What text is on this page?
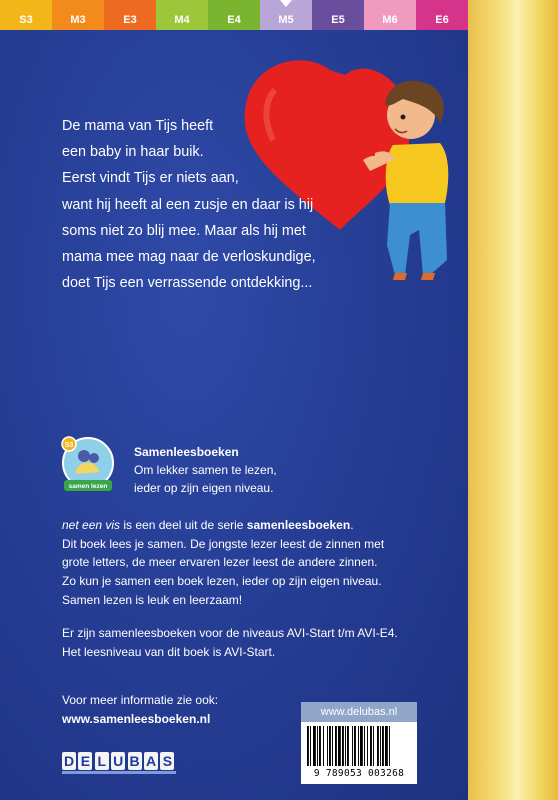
S3	M3	E3	M4	E4	M5	E5	M6	E6

De mama van Tijs heeft
een baby in haar buik.
Eerst vindt Tijs er niets aan,
want hij heeft al een zusje en daar is hij
soms niet zo blij mee. Maar als hij met
mama mee mag naar de verloskundige,
doet Tijs een verrassende ontdekking...

S3
samen lezen

Samenleesboeken

Om lekker samen te lezen,
ieder op zijn eigen niveau.

net een vis is een deel uit de serie samenleesboeken.
Dit boek lees je samen. De jongste lezer leest de zinnen met
grote letters, de meer ervaren lezer leest de andere zinnen.
Zo kun je samen een boek lezen, ieder op zijn eigen niveau.
Samen lezen is leuk en leerzaam!

Er zijn samenleesboeken voor de niveaus AVI-Start t/m AVI-E4.
Het leesniveau van dit boek is AVI-Start.

Voor meer informatie zie ook:

www.samenleesboeken.nl

D E L U B A S
www.delubas.nl
9 789053 003268
